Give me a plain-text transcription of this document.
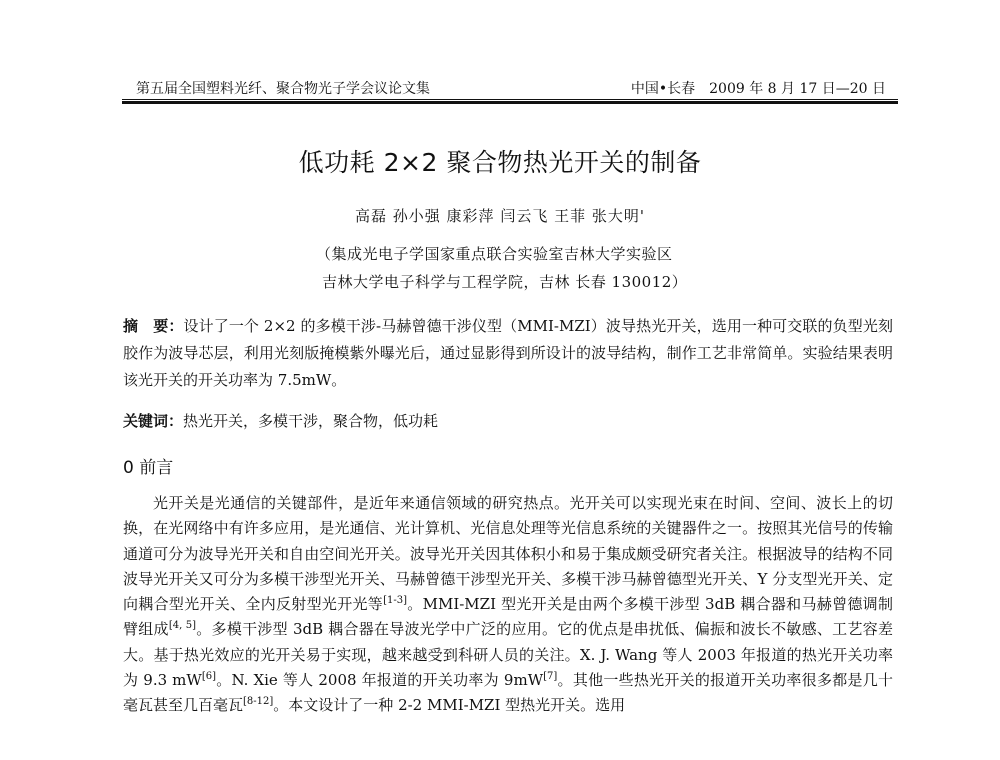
第五届全国塑料光纤、聚合物光子学会议论文集	中国•长春　2009 年 8 月 17 日—20 日
低功耗 2×2 聚合物热光开关的制备
高磊 孙小强 康彩萍 闫云飞 王菲 张大明'
（集成光电子学国家重点联合实验室吉林大学实验区
吉林大学电子科学与工程学院，吉林 长春 130012）
摘　要：设计了一个 2×2 的多模干涉-马赫曾德干涉仪型（MMI-MZI）波导热光开关，选用一种可交联的负型光刻胶作为波导芯层，利用光刻版掩模紫外曝光后，通过显影得到所设计的波导结构，制作工艺非常简单。实验结果表明该光开关的开关功率为 7.5mW。
关键词：热光开关，多模干涉，聚合物，低功耗
0 前言

光开关是光通信的关键部件，是近年来通信领域的研究热点。光开关可以实现光束在时间、空间、波长上的切换，在光网络中有许多应用，是光通信、光计算机、光信息处理等光信息系统的关键器件之一。按照其光信号的传输通道可分为波导光开关和自由空间光开关。波导光开关因其体积小和易于集成颇受研究者关注。根据波导的结构不同波导光开关又可分为多模干涉型光开关、马赫曾德干涉型光开关、多模干涉马赫曾德型光开关、Y 分支型光开关、定向耦合型光开关、全内反射型光开光等[1-3]。MMI-MZI 型光开关是由两个多模干涉型 3dB 耦合器和马赫曾德调制臂组成[4, 5]。多模干涉型 3dB 耦合器在导波光学中广泛的应用。它的优点是串扰低、偏振和波长不敏感、工艺容差大。基于热光效应的光开关易于实现，越来越受到科研人员的关注。X. J. Wang 等人 2003 年报道的热光开关功率为 9.3 mW[6]。N. Xie 等人 2008 年报道的开关功率为 9mW[7]。其他一些热光开关的报道开关功率很多都是几十毫瓦甚至几百毫瓦[8-12]。本文设计了一种 2-2 MMI-MZI 型热光开关。选用
